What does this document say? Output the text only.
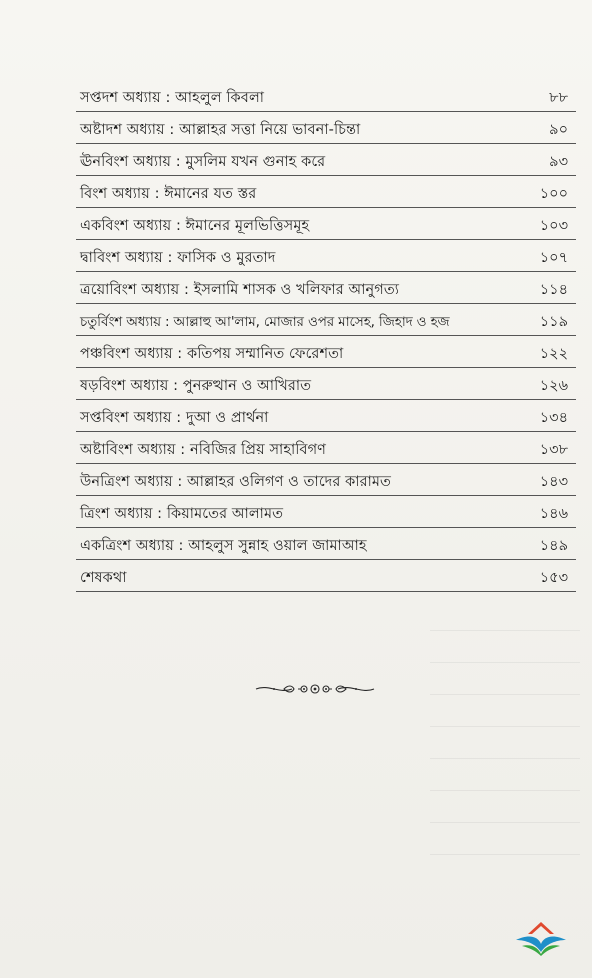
সপ্তদশ অধ্যায় : আহলুল কিবলা	৮৮
অষ্টাদশ অধ্যায় : আল্লাহর সত্তা নিয়ে ভাবনা-চিন্তা	৯০
ঊনবিংশ অধ্যায় : মুসলিম যখন গুনাহ করে	৯৩
বিংশ অধ্যায় : ঈমানের যত স্তর	১০০
একবিংশ অধ্যায় : ঈমানের মূলভিত্তিসমূহ	১০৩
দ্বাবিংশ অধ্যায় : ফাসিক ও মুরতাদ	১০৭
ত্রয়োবিংশ অধ্যায় : ইসলামি শাসক ও খলিফার আনুগত্য	১১৪
চতুর্বিংশ অধ্যায় : আল্লাহু আ'লাম, মোজার ওপর মাসেহ, জিহাদ ও হজ	১১৯
পঞ্চবিংশ অধ্যায় : কতিপয় সম্মানিত ফেরেশতা	১২২
ষড়বিংশ অধ্যায় : পুনরুত্থান ও আখিরাত	১২৬
সপ্তবিংশ অধ্যায় : দুআ ও প্রার্থনা	১৩৪
অষ্টাবিংশ অধ্যায় : নবিজির প্রিয় সাহাবিগণ	১৩৮
উনত্রিংশ অধ্যায় : আল্লাহর ওলিগণ ও তাদের কারামত	১৪৩
ত্রিংশ অধ্যায় : কিয়ামতের আলামত	১৪৬
একত্রিংশ অধ্যায় : আহলুস সুন্নাহ ওয়াল জামাআহ	১৪৯
শেষকথা	১৫৩
